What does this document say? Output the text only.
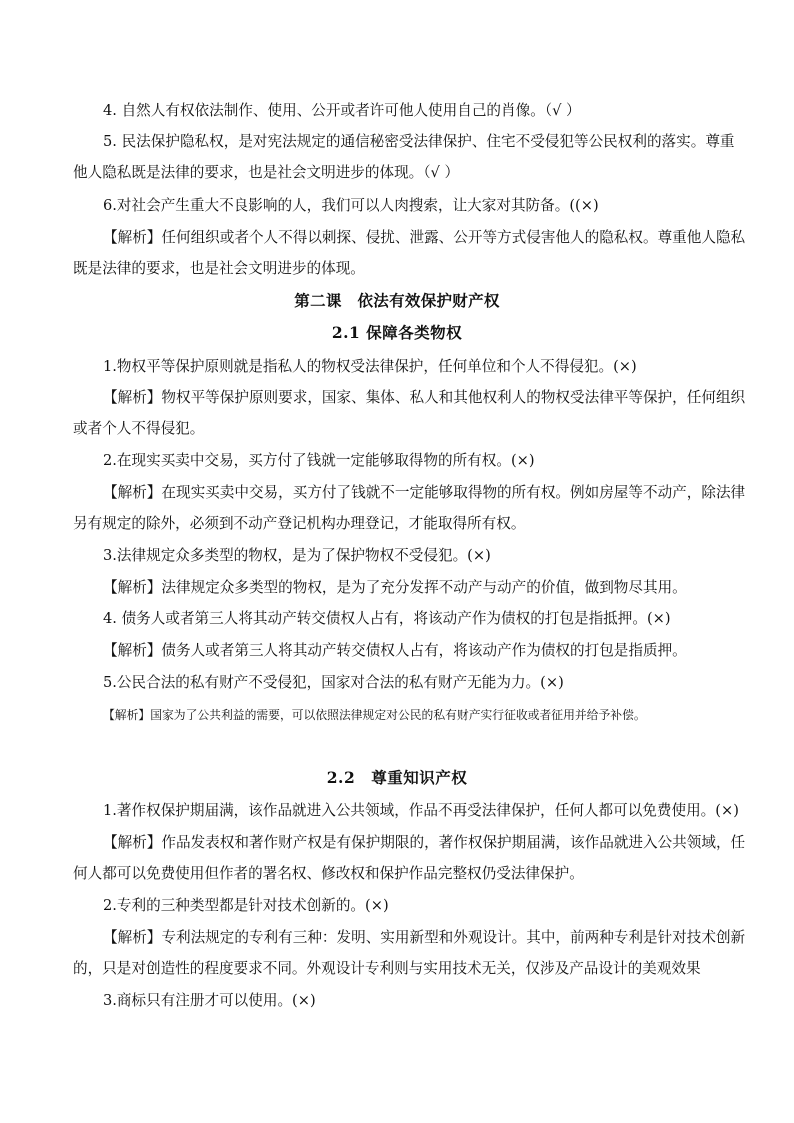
4. 自然人有权依法制作、使用、公开或者许可他人使用自己的肖像。（√ ）
5. 民法保护隐私权，是对宪法规定的通信秘密受法律保护、住宅不受侵犯等公民权利的落实。尊重
他人隐私既是法律的要求，也是社会文明进步的体现。（√ ）
6.对社会产生重大不良影响的人，我们可以人肉搜索，让大家对其防备。((×)
【解析】任何组织或者个人不得以刺探、侵扰、泄露、公开等方式侵害他人的隐私权。尊重他人隐私
既是法律的要求，也是社会文明进步的体现。
第二课　依法有效保护财产权
2.1 保障各类物权
1.物权平等保护原则就是指私人的物权受法律保护，任何单位和个人不得侵犯。(×)
【解析】物权平等保护原则要求，国家、集体、私人和其他权利人的物权受法律平等保护，任何组织
或者个人不得侵犯。
2.在现实买卖中交易，买方付了钱就一定能够取得物的所有权。(×)
【解析】在现实买卖中交易，买方付了钱就不一定能够取得物的所有权。例如房屋等不动产，除法律
另有规定的除外，必须到不动产登记机构办理登记，才能取得所有权。
3.法律规定众多类型的物权，是为了保护物权不受侵犯。(×)
【解析】法律规定众多类型的物权，是为了充分发挥不动产与动产的价值，做到物尽其用。
4. 债务人或者第三人将其动产转交债权人占有，将该动产作为债权的打包是指抵押。(×)
【解析】债务人或者第三人将其动产转交债权人占有，将该动产作为债权的打包是指质押。
5.公民合法的私有财产不受侵犯，国家对合法的私有财产无能为力。(×)
【解析】国家为了公共利益的需要，可以依照法律规定对公民的私有财产实行征收或者征用并给予补偿。
2.2　尊重知识产权
1.著作权保护期届满，该作品就进入公共领域，作品不再受法律保护，任何人都可以免费使用。(×)
【解析】作品发表权和著作财产权是有保护期限的，著作权保护期届满，该作品就进入公共领域，任
何人都可以免费使用但作者的署名权、修改权和保护作品完整权仍受法律保护。
2.专利的三种类型都是针对技术创新的。(×)
【解析】专利法规定的专利有三种：发明、实用新型和外观设计。其中，前两种专利是针对技术创新
的，只是对创造性的程度要求不同。外观设计专利则与实用技术无关，仅涉及产品设计的美观效果
3.商标只有注册才可以使用。(×)
